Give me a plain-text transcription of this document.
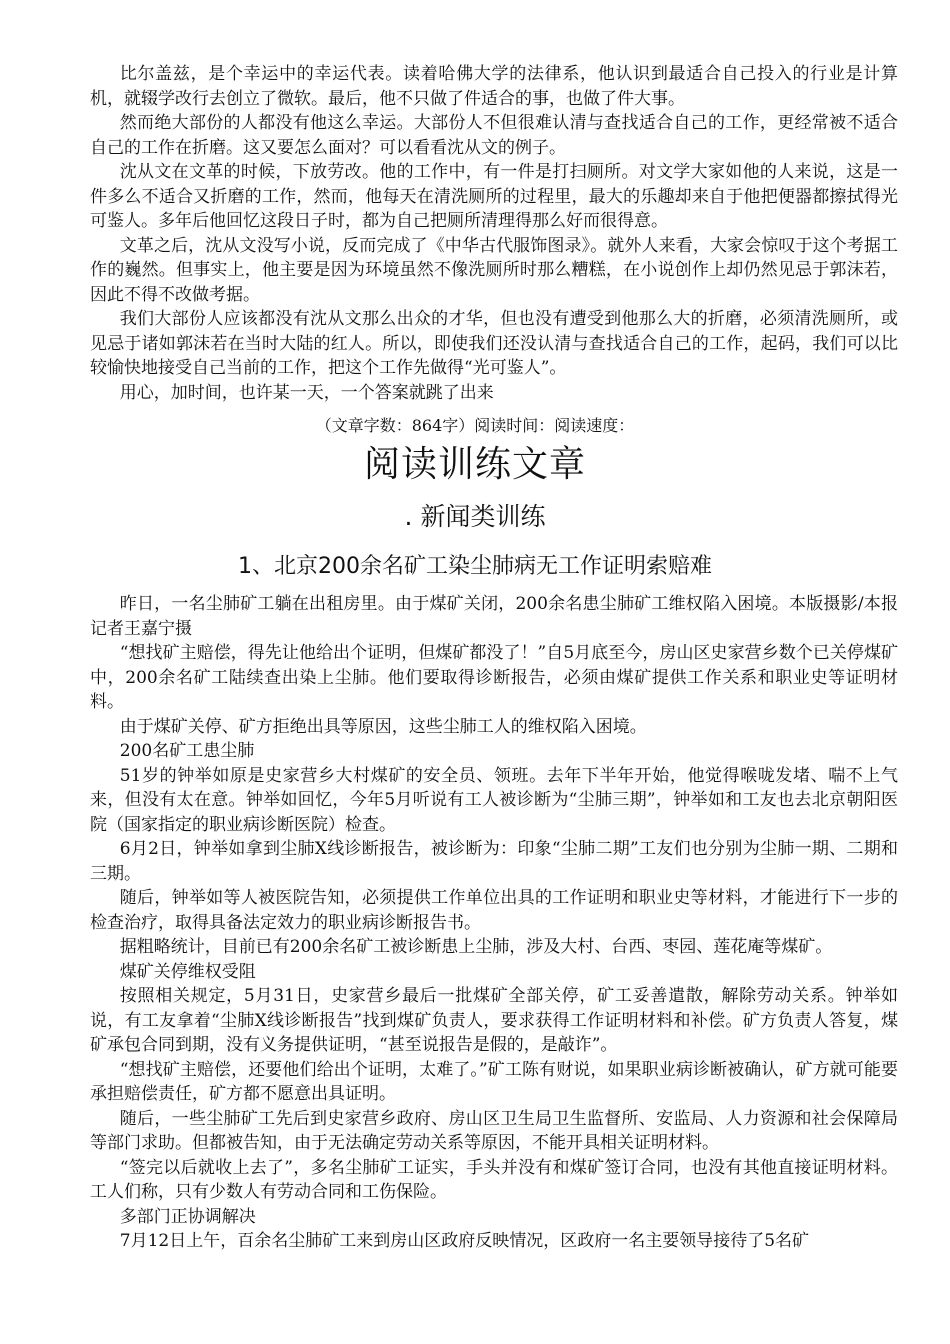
比尔盖兹，是个幸运中的幸运代表。读着哈佛大学的法律系，他认识到最适合自己投入的行业是计算机，就辍学改行去创立了微软。最后，他不只做了件适合的事，也做了件大事。

然而绝大部份的人都没有他这么幸运。大部份人不但很难认清与查找适合自己的工作，更经常被不适合自己的工作在折磨。这又要怎么面对？可以看看沈从文的例子。

沈从文在文革的时候，下放劳改。他的工作中，有一件是打扫厕所。对文学大家如他的人来说，这是一件多么不适合又折磨的工作，然而，他每天在清洗厕所的过程里，最大的乐趣却来自于他把便器都擦拭得光可鉴人。多年后他回忆这段日子时，都为自己把厕所清理得那么好而很得意。

文革之后，沈从文没写小说，反而完成了《中华古代服饰图录》。就外人来看，大家会惊叹于这个考据工作的巍然。但事实上，他主要是因为环境虽然不像洗厕所时那么糟糕，在小说创作上却仍然见忌于郭沫若，因此不得不改做考据。

我们大部份人应该都没有沈从文那么出众的才华，但也没有遭受到他那么大的折磨，必须清洗厕所，或见忌于诸如郭沫若在当时大陆的红人。所以，即使我们还没认清与查找适合自己的工作，起码，我们可以比较愉快地接受自己当前的工作，把这个工作先做得“光可鉴人”。

用心，加时间，也许某一天，一个答案就跳了出来

（文章字数：864字）阅读时间：阅读速度：
阅读训练文章
. 新闻类训练
1、北京200余名矿工染尘肺病无工作证明索赔难

昨日，一名尘肺矿工躺在出租房里。由于煤矿关闭，200余名患尘肺矿工维权陷入困境。本版摄影/本报记者王嘉宁摄

“想找矿主赔偿，得先让他给出个证明，但煤矿都没了！”自5月底至今，房山区史家营乡数个已关停煤矿中，200余名矿工陆续查出染上尘肺。他们要取得诊断报告，必须由煤矿提供工作关系和职业史等证明材料。

由于煤矿关停、矿方拒绝出具等原因，这些尘肺工人的维权陷入困境。

200名矿工患尘肺

51岁的钟举如原是史家营乡大村煤矿的安全员、领班。去年下半年开始，他觉得喉咙发堵、喘不上气来，但没有太在意。钟举如回忆，今年5月听说有工人被诊断为“尘肺三期”，钟举如和工友也去北京朝阳医院（国家指定的职业病诊断医院）检查。

6月2日，钟举如拿到尘肺X线诊断报告，被诊断为：印象“尘肺二期”工友们也分别为尘肺一期、二期和三期。

随后，钟举如等人被医院告知，必须提供工作单位出具的工作证明和职业史等材料，才能进行下一步的检查治疗，取得具备法定效力的职业病诊断报告书。

据粗略统计，目前已有200余名矿工被诊断患上尘肺，涉及大村、台西、枣园、莲花庵等煤矿。

煤矿关停维权受阻

按照相关规定，5月31日，史家营乡最后一批煤矿全部关停，矿工妥善遣散，解除劳动关系。钟举如说，有工友拿着“尘肺X线诊断报告”找到煤矿负责人，要求获得工作证明材料和补偿。矿方负责人答复，煤矿承包合同到期，没有义务提供证明，“甚至说报告是假的，是敲诈”。

“想找矿主赔偿，还要他们给出个证明，太难了。”矿工陈有财说，如果职业病诊断被确认，矿方就可能要承担赔偿责任，矿方都不愿意出具证明。

随后，一些尘肺矿工先后到史家营乡政府、房山区卫生局卫生监督所、安监局、人力资源和社会保障局等部门求助。但都被告知，由于无法确定劳动关系等原因，不能开具相关证明材料。

“签完以后就收上去了”，多名尘肺矿工证实，手头并没有和煤矿签订合同，也没有其他直接证明材料。工人们称，只有少数人有劳动合同和工伤保险。

多部门正协调解决

7月12日上午，百余名尘肺矿工来到房山区政府反映情况，区政府一名主要领导接待了5名矿
